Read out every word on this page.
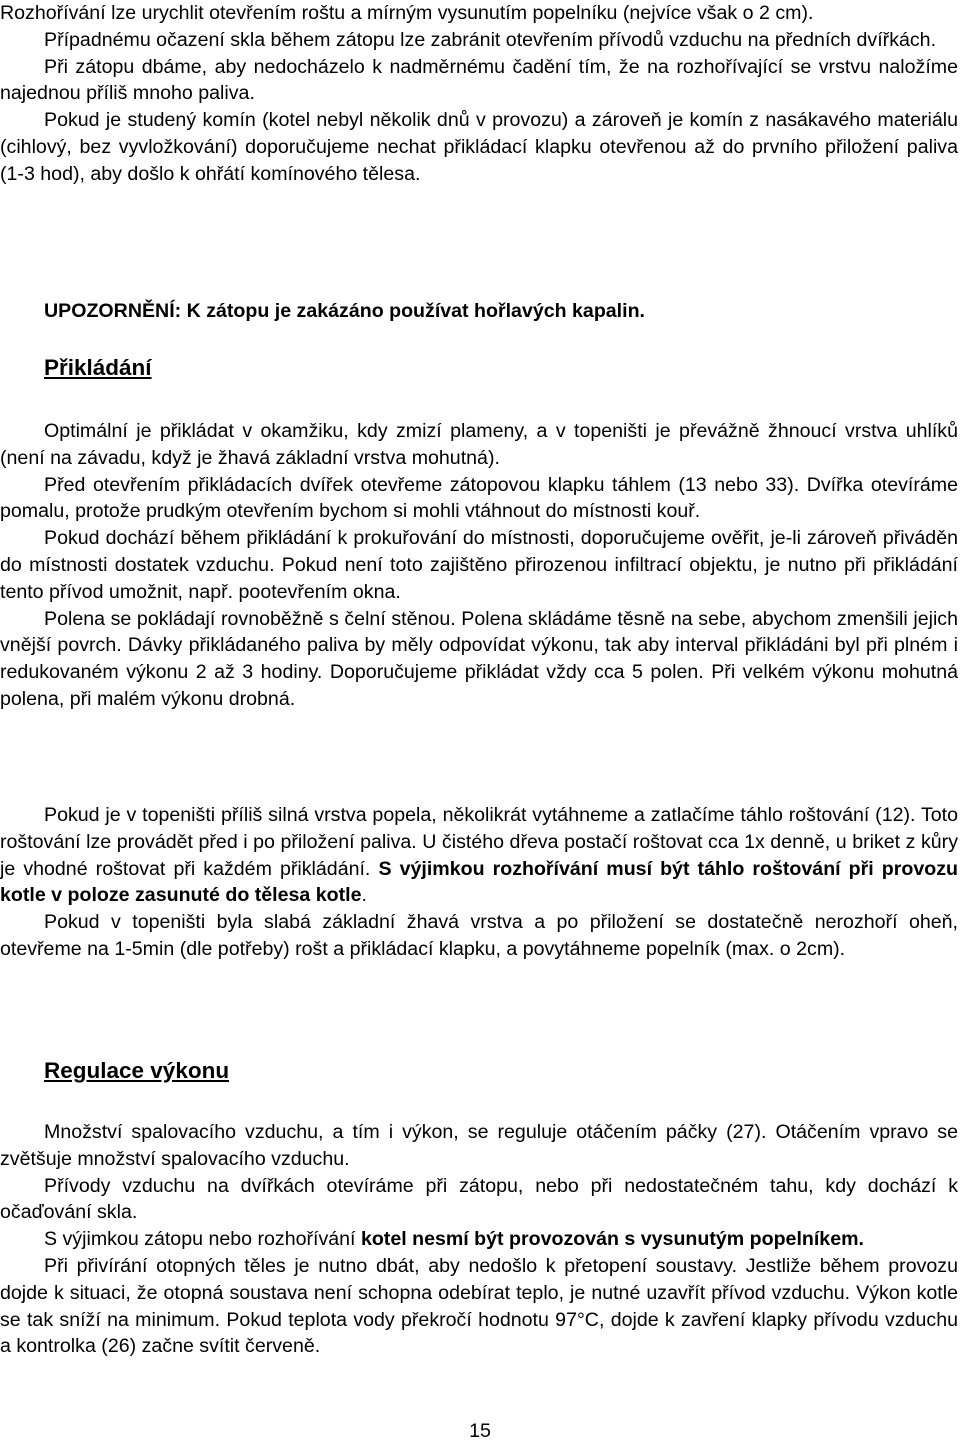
Rozhořívání lze urychlit otevřením roštu a mírným vysunutím popelníku (nejvíce však o 2 cm).

Případnému očazení skla během zátopu lze zabránit otevřením přívodů vzduchu na předních dvířkách.

Při zátopu dbáme, aby nedocházelo k nadměrnému čadění tím, že na rozhořívající se vrstvu naložíme najednou příliš mnoho paliva.

Pokud je studený komín (kotel nebyl několik dnů v provozu) a zároveň je komín z nasákavého materiálu (cihlový, bez vyvložkování) doporučujeme nechat přikládací klapku otevřenou až do prvního přiložení paliva (1-3 hod), aby došlo k ohřátí komínového tělesa.

UPOZORNĚNÍ: K zátopu je zakázáno používat hořlavých kapalin.
Přikládání

Optimální je přikládat v okamžiku, kdy zmizí plameny, a v topeništi je převážně žhnoucí vrstva uhlíků (není na závadu, když je žhavá základní vrstva mohutná).

Před otevřením přikládacích dvířek otevřeme zátopovou klapku táhlem (13 nebo 33). Dvířka otevíráme pomalu, protože prudkým otevřením bychom si mohli vtáhnout do místnosti kouř.

Pokud dochází během přikládání k prokuřování do místnosti, doporučujeme ověřit, je-li zároveň přiváděn do místnosti dostatek vzduchu. Pokud není toto zajištěno přirozenou infiltrací objektu, je nutno při přikládání tento přívod umožnit, např. pootevřením okna.

Polena se pokládají rovnoběžně s čelní stěnou. Polena skládáme těsně na sebe, abychom zmenšili jejich vnější povrch. Dávky přikládaného paliva by měly odpovídat výkonu, tak aby interval přikládáni byl při plném i redukovaném výkonu 2 až 3 hodiny. Doporučujeme přikládat vždy cca 5 polen. Při velkém výkonu mohutná polena, při malém výkonu drobná.

Pokud je v topeništi příliš silná vrstva popela, několikrát vytáhneme a zatlačíme táhlo roštování (12). Toto roštování lze provádět před i po přiložení paliva. U čistého dřeva postačí roštovat cca 1x denně, u briket z kůry je vhodné roštovat při každém přikládání. S výjimkou rozhořívání musí být táhlo roštování při provozu kotle v poloze zasunuté do tělesa kotle.

Pokud v topeništi byla slabá základní žhavá vrstva a po přiložení se dostatečně nerozhoří oheň, otevřeme na 1-5min (dle potřeby) rošt a přikládací klapku, a povytáhneme popelník (max. o 2cm).

Regulace výkonu

Množství spalovacího vzduchu, a tím i výkon, se reguluje otáčením páčky (27). Otáčením vpravo se zvětšuje množství spalovacího vzduchu.

Přívody vzduchu na dvířkách otevíráme při zátopu, nebo při nedostatečném tahu, kdy dochází k očaďování skla.

S výjimkou zátopu nebo rozhořívání kotel nesmí být provozován s vysunutým popelníkem.

Při přivírání otopných těles je nutno dbát, aby nedošlo k přetopení soustavy. Jestliže během provozu dojde k situaci, že otopná soustava není schopna odebírat teplo, je nutné uzavřít přívod vzduchu. Výkon kotle se tak sníží na minimum. Pokud teplota vody překročí hodnotu 97°C, dojde k zavření klapky přívodu vzduchu a kontrolka (26) začne svítit červeně.

15
